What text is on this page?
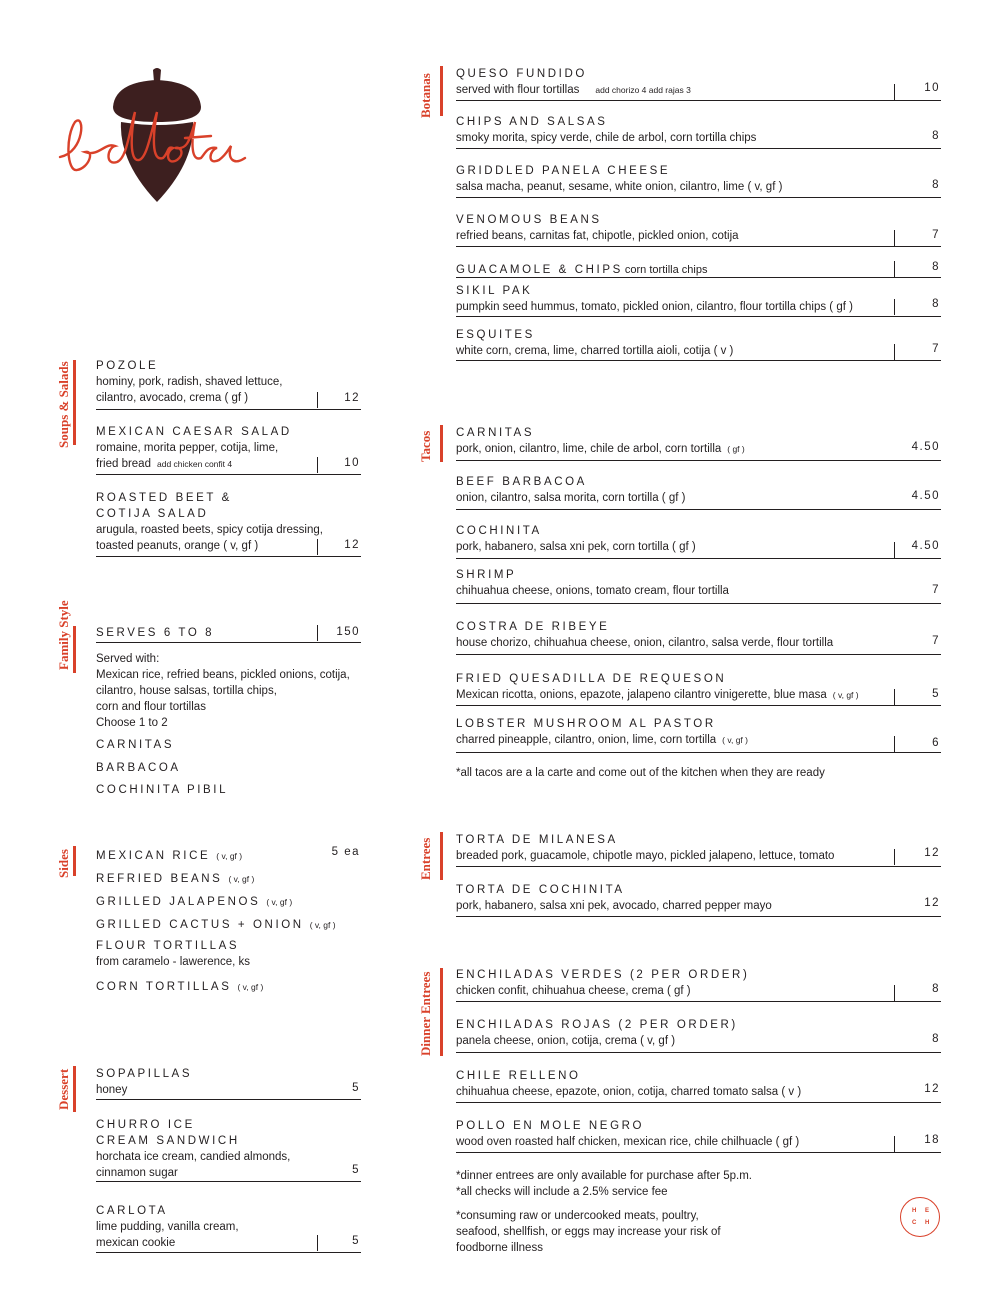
bellota
Soups & Salads POZOLE
hominy, pork, radish, shaved lettuce,
cilantro, avocado, crema ( gf )	12
MEXICAN CAESAR SALAD
romaine, morita pepper, cotija, lime,
fried bread add chicken confit 4	10
ROASTED BEET &
COTIJA SALAD
arugula, roasted beets, spicy cotija dressing,
toasted peanuts, orange ( v, gf )	12
Family Style SERVES 6 TO 8	150
Served with:
Mexican rice, refried beans, pickled onions, cotija,
cilantro, house salsas, tortilla chips,
corn and flour tortillas
Choose 1 to 2
CARNITAS
BARBACOA
COCHINITA PIBIL
Sides MEXICAN RICE ( v, gf )	5 ea
REFRIED BEANS ( v, gf )
GRILLED JALAPENOS ( v, gf )
GRILLED CACTUS + ONION ( v, gf )
FLOUR TORTILLAS
from caramelo - lawerence, ks
CORN TORTILLAS ( v, gf )
Dessert SOPAPILLAS
honey	5
CHURRO ICE
CREAM SANDWICH
horchata ice cream, candied almonds,
cinnamon sugar	5
CARLOTA
lime pudding, vanilla cream,
mexican cookie	5
Botanas QUESO FUNDIDO
served with flour tortillas add chorizo 4 add rajas 3	10
CHIPS AND SALSAS
smoky morita, spicy verde, chile de arbol, corn tortilla chips	8
GRIDDLED PANELA CHEESE
salsa macha, peanut, sesame, white onion, cilantro, lime ( v, gf )	8
VENOMOUS BEANS
refried beans, carnitas fat, chipotle, pickled onion, cotija	7
GUACAMOLE & CHIPS corn tortilla chips	8
SIKIL PAK
pumpkin seed hummus, tomato, pickled onion, cilantro, flour tortilla chips ( gf )	8
ESQUITES
white corn, crema, lime, charred tortilla aioli, cotija ( v )	7
Tacos CARNITAS
pork, onion, cilantro, lime, chile de arbol, corn tortilla ( gf )	4.50
BEEF BARBACOA
onion, cilantro, salsa morita, corn tortilla ( gf )	4.50
COCHINITA
pork, habanero, salsa xni pek, corn tortilla ( gf )	4.50
SHRIMP
chihuahua cheese, onions, tomato cream, flour tortilla	7
COSTRA DE RIBEYE
house chorizo, chihuahua cheese, onion, cilantro, salsa verde, flour tortilla	7
FRIED QUESADILLA DE REQUESON
Mexican ricotta, onions, epazote, jalapeno cilantro vinigerette, blue masa ( v, gf )	5
LOBSTER MUSHROOM AL PASTOR
charred pineapple, cilantro, onion, lime, corn tortilla ( v, gf )	6
*all tacos are a la carte and come out of the kitchen when they are ready
Entrees TORTA DE MILANESA
breaded pork, guacamole, chipotle mayo, pickled jalapeno, lettuce, tomato	12
TORTA DE COCHINITA
pork, habanero, salsa xni pek, avocado, charred pepper mayo	12
Dinner Entrees ENCHILADAS VERDES (2 PER ORDER)
chicken confit, chihuahua cheese, crema ( gf )	8
ENCHILADAS ROJAS (2 PER ORDER)
panela cheese, onion, cotija, crema ( v, gf )	8
CHILE RELLENO
chihuahua cheese, epazote, onion, cotija, charred tomato salsa ( v )	12
POLLO EN MOLE NEGRO
wood oven roasted half chicken, mexican rice, chile chilhuacle ( gf )	18
*dinner entrees are only available for purchase after 5p.m.
*all checks will include a 2.5% service fee
*consuming raw or undercooked meats, poultry,
seafood, shellfish, or eggs may increase your risk of
foodborne illness
H E
C H
